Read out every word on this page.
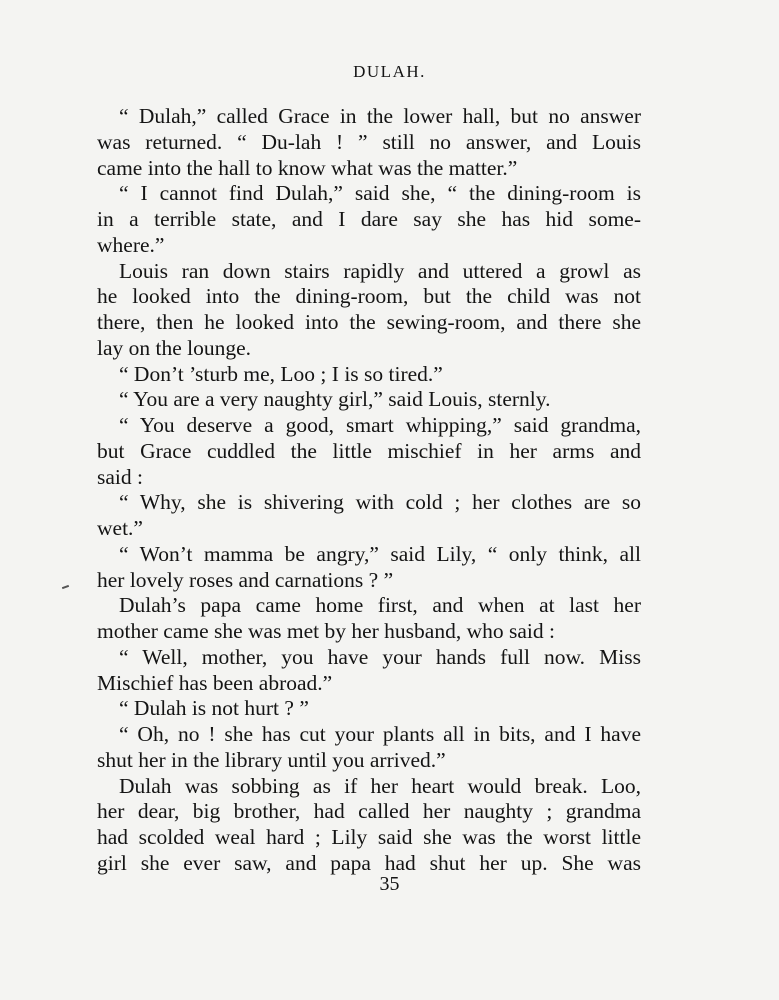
DULAH.
“ Dulah,” called Grace in the lower hall, but no answer
was returned. “ Du-lah ! ” still no answer, and Louis
came into the hall to know what was the matter.”
“ I cannot find Dulah,” said she, “ the dining-room is
in a terrible state, and I dare say she has hid some-
where.”
Louis ran down stairs rapidly and uttered a growl as
he looked into the dining-room, but the child was not
there, then he looked into the sewing-room, and there she
lay on the lounge.
“ Don’t ’sturb me, Loo ; I is so tired.”
“ You are a very naughty girl,” said Louis, sternly.
“ You deserve a good, smart whipping,” said grandma,
but Grace cuddled the little mischief in her arms and
said :
“ Why, she is shivering with cold ; her clothes are so
wet.”
“ Won’t mamma be angry,” said Lily, “ only think, all
her lovely roses and carnations ? ”
Dulah’s papa came home first, and when at last her
mother came she was met by her husband, who said :
“ Well, mother, you have your hands full now. Miss
Mischief has been abroad.”
“ Dulah is not hurt ? ”
“ Oh, no ! she has cut your plants all in bits, and I have
shut her in the library until you arrived.”
Dulah was sobbing as if her heart would break. Loo,
her dear, big brother, had called her naughty ; grandma
had scolded weal hard ; Lily said she was the worst little
girl she ever saw, and papa had shut her up. She was
35
